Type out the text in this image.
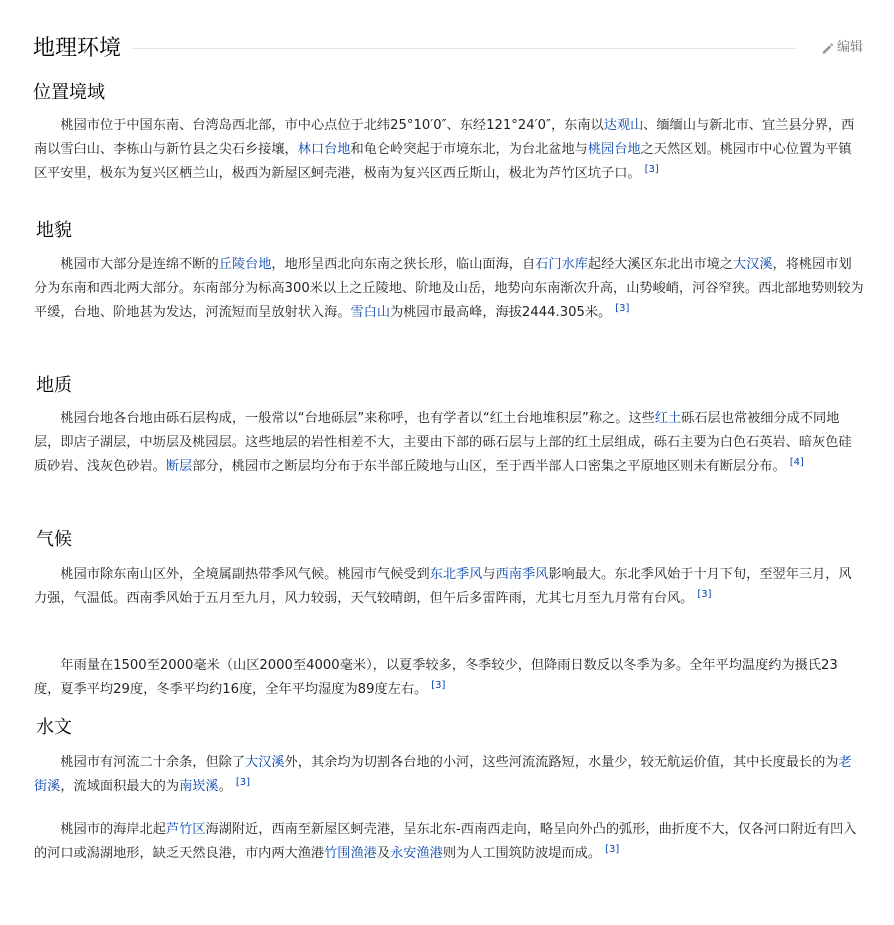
地理环境	编辑
位置境域

桃园市位于中国东南、台湾岛西北部，市中心点位于北纬25°10′0″、东经121°24′0″，东南以达观山、缅缅山与新北市、宜兰县分界，西南以雪臼山、李栋山与新竹县之尖石乡接壤，林口台地和龟仑岭突起于市境东北，为台北盆地与桃园台地之天然区划。桃园市中心位置为平镇区平安里，极东为复兴区栖兰山，极西为新屋区蚵壳港，极南为复兴区西丘斯山，极北为芦竹区坑子口。 [3]

地貌

桃园市大部分是连绵不断的丘陵台地，地形呈西北向东南之狭长形，临山面海，自石门水库起经大溪区东北出市境之大汉溪，将桃园市划分为东南和西北两大部分。东南部分为标高300米以上之丘陵地、阶地及山岳，地势向东南渐次升高，山势峻峭，河谷窄狭。西北部地势则较为平缓，台地、阶地甚为发达，河流短而呈放射状入海。雪白山为桃园市最高峰，海拔2444.305米。 [3]

地质

桃园台地各台地由砾石层构成，一般常以“台地砾层”来称呼，也有学者以“红土台地堆积层”称之。这些红土砾石层也常被细分成不同地层，即店子湖层，中坜层及桃园层。这些地层的岩性相差不大，主要由下部的砾石层与上部的红土层组成，砾石主要为白色石英岩、暗灰色硅质砂岩、浅灰色砂岩。断层部分，桃园市之断层均分布于东半部丘陵地与山区，至于西半部人口密集之平原地区则未有断层分布。 [4]

气候

桃园市除东南山区外，全境属副热带季风气候。桃园市气候受到东北季风与西南季风影响最大。东北季风始于十月下旬，至翌年三月，风力强，气温低。西南季风始于五月至九月，风力较弱，天气较晴朗，但午后多雷阵雨，尤其七月至九月常有台风。 [3]

年雨量在1500至2000毫米（山区2000至4000毫米），以夏季较多，冬季较少，但降雨日数反以冬季为多。全年平均温度约为摄氏23度，夏季平均29度，冬季平均约16度，全年平均湿度为89度左右。 [3]

水文

桃园市有河流二十余条，但除了大汉溪外，其余均为切割各台地的小河，这些河流流路短，水量少，较无航运价值，其中长度最长的为老街溪，流域面积最大的为南崁溪。 [3]

桃园市的海岸北起芦竹区海湖附近，西南至新屋区蚵壳港，呈东北东-西南西走向，略呈向外凸的弧形，曲折度不大，仅各河口附近有凹入的河口或潟湖地形，缺乏天然良港，市内两大渔港竹围渔港及永安渔港则为人工围筑防波堤而成。 [3]
